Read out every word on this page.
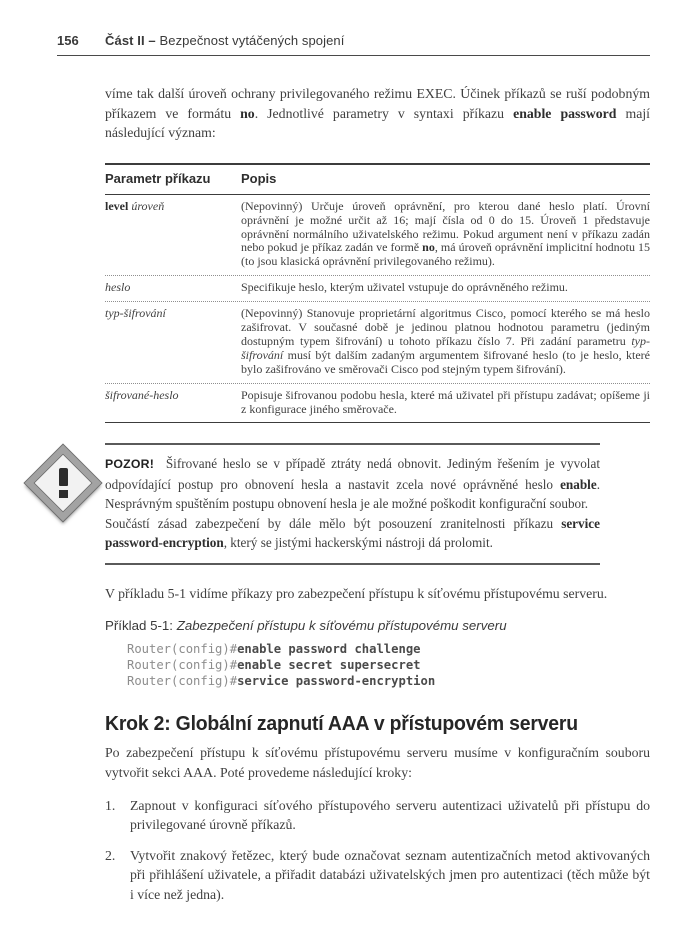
156	Část II – Bezpečnost vytáčených spojení

víme tak další úroveň ochrany privilegovaného režimu EXEC. Účinek příkazů se ruší podobným příkazem ve formátu no. Jednotlivé parametry v syntaxi příkazu enable password mají následující význam:

Parametr příkazu	Popis
level úroveň	(Nepovinný) Určuje úroveň oprávnění, pro kterou dané heslo platí. Úrovní oprávnění je možné určit až 16; mají čísla od 0 do 15. Úroveň 1 představuje oprávnění normálního uživatelského režimu. Pokud argument není v příkazu zadán nebo pokud je příkaz zadán ve formě no, má úroveň oprávnění implicitní hodnotu 15 (to jsou klasická oprávnění privilegovaného režimu).
heslo	Specifikuje heslo, kterým uživatel vstupuje do oprávněného režimu.
typ-šifrování	(Nepovinný) Stanovuje proprietární algoritmus Cisco, pomocí kterého se má heslo zašifrovat. V současné době je jedinou platnou hodnotou parametru (jediným dostupným typem šifrování) u tohoto příkazu číslo 7. Při zadání parametru typ-šifrování musí být dalším zadaným argumentem šifrované heslo (to je heslo, které bylo zašifrováno ve směrovači Cisco pod stejným typem šifrování).
šifrované-heslo	Popisuje šifrovanou podobu hesla, které má uživatel při přístupu zadávat; opíšeme ji z konfigurace jiného směrovače.

POZOR! Šifrované heslo se v případě ztráty nedá obnovit. Jediným řešením je vyvolat odpovídající postup pro obnovení hesla a nastavit zcela nové oprávněné heslo enable. Nesprávným spuštěním postupu obnovení hesla je ale možné poškodit konfigurační soubor.

Součástí zásad zabezpečení by dále mělo být posouzení zranitelnosti příkazu service password-encryption, který se jistými hackerskými nástroji dá prolomit.

V příkladu 5-1 vidíme příkazy pro zabezpečení přístupu k síťovému přístupovému serveru.

Příklad 5-1: Zabezpečení přístupu k síťovému přístupovému serveru

Router(config)#enable password challenge
Router(config)#enable secret supersecret
Router(config)#service password-encryption
Krok 2: Globální zapnutí AAA v přístupovém serveru

Po zabezpečení přístupu k síťovému přístupovému serveru musíme v konfiguračním souboru vytvořit sekci AAA. Poté provedeme následující kroky:

1.	Zapnout v konfiguraci síťového přístupového serveru autentizaci uživatelů při přístupu do privilegované úrovně příkazů.
2.	Vytvořit znakový řetězec, který bude označovat seznam autentizačních metod aktivovaných při přihlášení uživatele, a přiřadit databázi uživatelských jmen pro autentizaci (těch může být i více než jedna).
